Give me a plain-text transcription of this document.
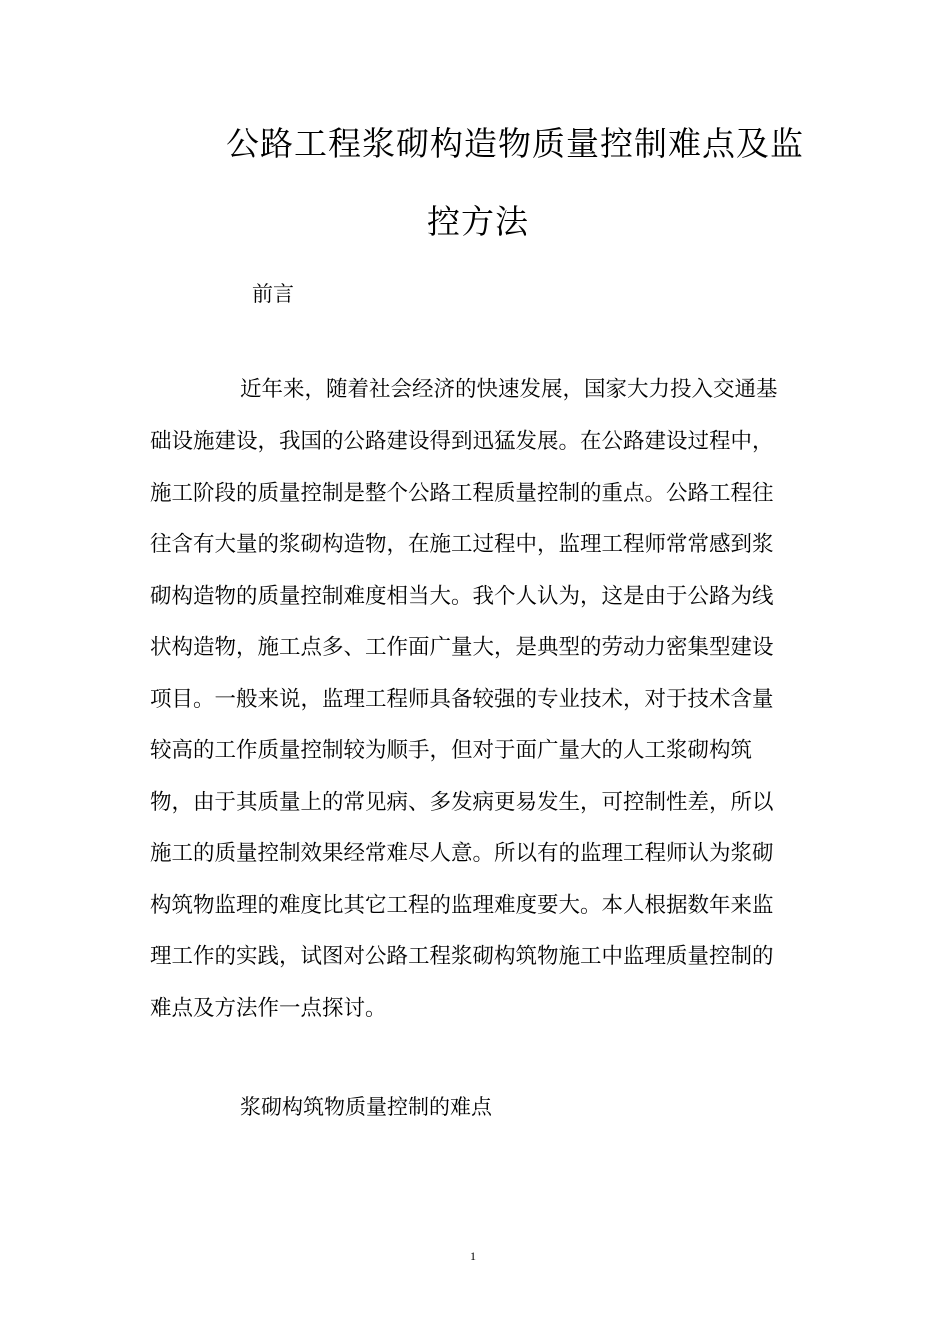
公路工程浆砌构造物质量控制难点及监
控方法
前言
近年来，随着社会经济的快速发展，国家大力投入交通基
础设施建设，我国的公路建设得到迅猛发展。在公路建设过程中，
施工阶段的质量控制是整个公路工程质量控制的重点。公路工程往
往含有大量的浆砌构造物，在施工过程中，监理工程师常常感到浆
砌构造物的质量控制难度相当大。我个人认为，这是由于公路为线
状构造物，施工点多、工作面广量大，是典型的劳动力密集型建设
项目。一般来说，监理工程师具备较强的专业技术，对于技术含量
较高的工作质量控制较为顺手，但对于面广量大的人工浆砌构筑
物，由于其质量上的常见病、多发病更易发生，可控制性差，所以
施工的质量控制效果经常难尽人意。所以有的监理工程师认为浆砌
构筑物监理的难度比其它工程的监理难度要大。本人根据数年来监
理工作的实践，试图对公路工程浆砌构筑物施工中监理质量控制的
难点及方法作一点探讨。
浆砌构筑物质量控制的难点
1
